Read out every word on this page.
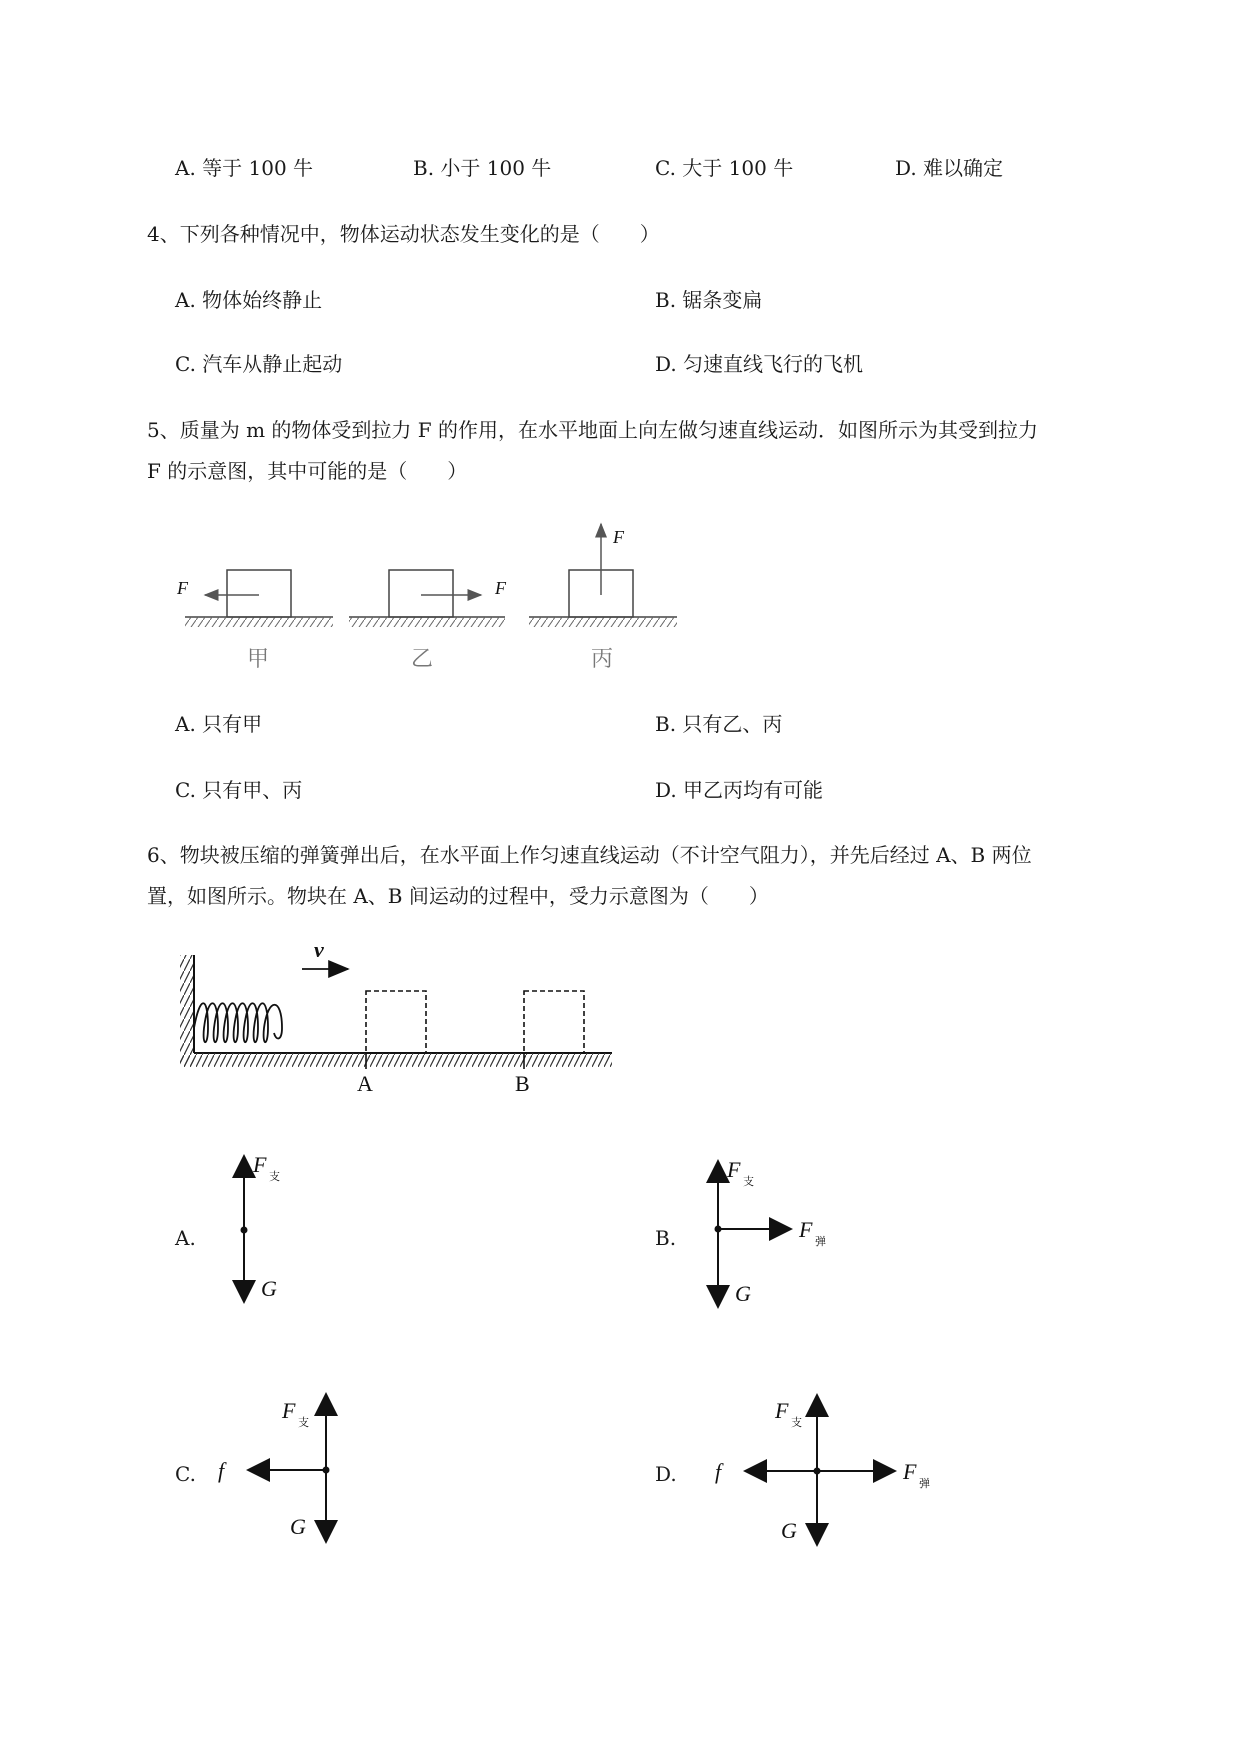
A. 等于 100 牛	B. 小于 100 牛	C. 大于 100 牛	D. 难以确定
4、下列各种情况中，物体运动状态发生变化的是（　　）
A. 物体始终静止	B. 锯条变扁
C. 汽车从静止起动	D. 匀速直线飞行的飞机
5、质量为 m 的物体受到拉力 F 的作用，在水平地面上向左做匀速直线运动．如图所示为其受到拉力
F 的示意图，其中可能的是（　　）
F
甲
F
乙
F
丙
A. 只有甲	B. 只有乙、丙
C. 只有甲、丙	D. 甲乙丙均有可能
6、物块被压缩的弹簧弹出后，在水平面上作匀速直线运动（不计空气阻力），并先后经过 A、B 两位
置，如图所示。物块在 A、B 间运动的过程中，受力示意图为（　　）
v
A	B
A.	B.
C.	D.
F 支
G
F 支
F 弹
G
F 支
f
G
F 支
f	F 弹
G
